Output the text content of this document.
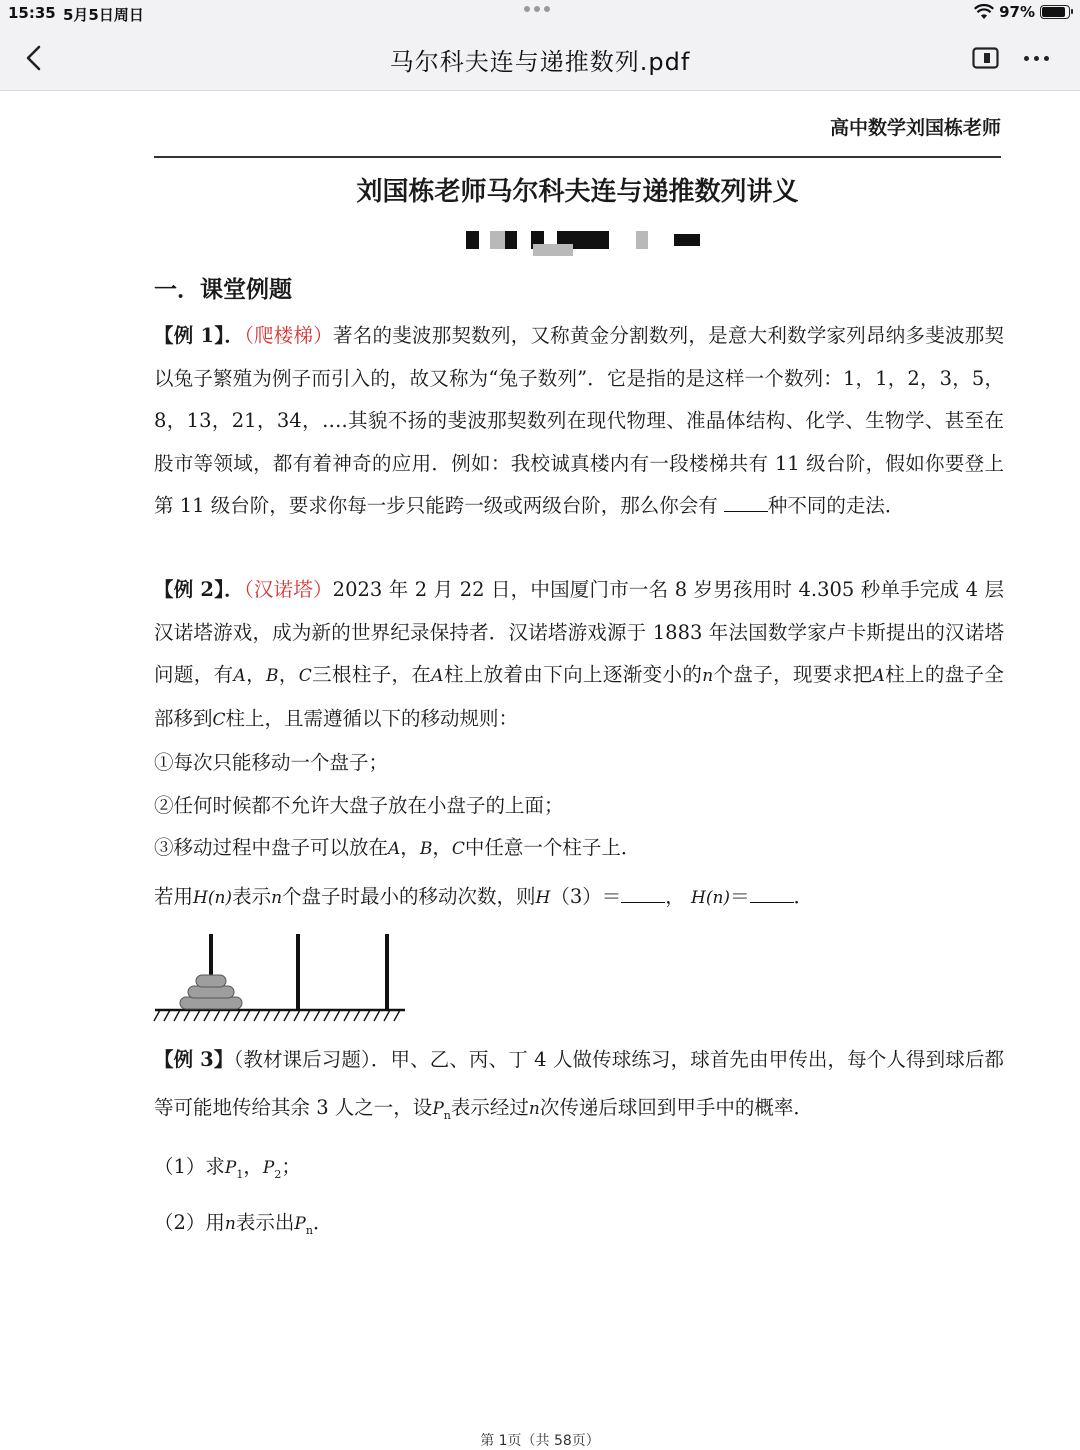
15:35 5月5日周日	97%
马尔科夫连与递推数列.pdf
高中数学刘国栋老师
刘国栋老师马尔科夫连与递推数列讲义
一．课堂例题
【例 1】．（爬楼梯）著名的斐波那契数列，又称黄金分割数列，是意大利数学家列昂纳多斐波那契以兔子繁殖为例子而引入的，故又称为“兔子数列”．它是指的是这样一个数列：1，1，2，3，5，8，13，21，34，….其貌不扬的斐波那契数列在现代物理、准晶体结构、化学、生物学、甚至在股市等领域，都有着神奇的应用．例如：我校诚真楼内有一段楼梯共有 11 级台阶，假如你要登上第 11 级台阶，要求你每一步只能跨一级或两级台阶，那么你会有	种不同的走法．
【例 2】．（汉诺塔）2023 年 2 月 22 日，中国厦门市一名 8 岁男孩用时 4.305 秒单手完成 4 层汉诺塔游戏，成为新的世界纪录保持者．汉诺塔游戏源于 1883 年法国数学家卢卡斯提出的汉诺塔问题，有A，B，C三根柱子，在A柱上放着由下向上逐渐变小的n个盘子，现要求把A柱上的盘子全部移到C柱上，且需遵循以下的移动规则：
①每次只能移动一个盘子；
②任何时候都不允许大盘子放在小盘子的上面；
③移动过程中盘子可以放在A，B，C中任意一个柱子上．
若用H(n)表示n个盘子时最小的移动次数，则H（3）＝ ， H(n)＝ ．
【例 3】（教材课后习题）．甲、乙、丙、丁 4 人做传球练习，球首先由甲传出，每个人得到球后都等可能地传给其余 3 人之一，设$P_n$表示经过n次传递后球回到甲手中的概率．
（1）求$P_1$，$P_2$；
（2）用n表示出$P_n$．
第 1页（共 58页）
